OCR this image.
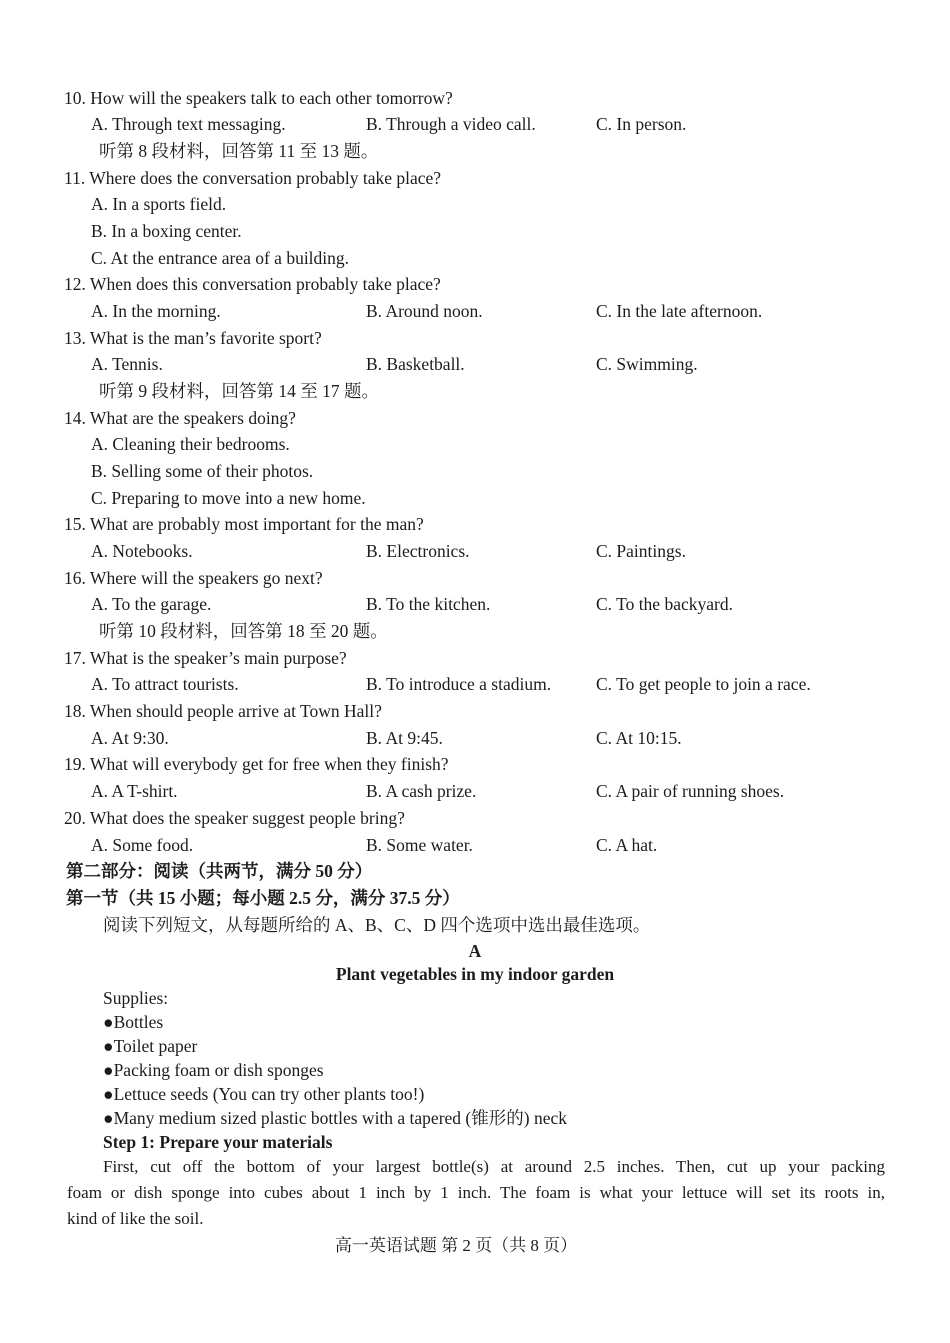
10. How will the speakers talk to each other tomorrow?
A. Through text messaging.	B. Through a video call.	C. In person.
听第 8 段材料，回答第 11 至 13 题。
11. Where does the conversation probably take place?
A. In a sports field.
B. In a boxing center.
C. At the entrance area of a building.
12. When does this conversation probably take place?
A. In the morning.	B. Around noon.	C. In the late afternoon.
13. What is the man’s favorite sport?
A. Tennis.	B. Basketball.	C. Swimming.
听第 9 段材料，回答第 14 至 17 题。
14. What are the speakers doing?
A. Cleaning their bedrooms.
B. Selling some of their photos.
C. Preparing to move into a new home.
15. What are probably most important for the man?
A. Notebooks.	B. Electronics.	C. Paintings.
16. Where will the speakers go next?
A. To the garage.	B. To the kitchen.	C. To the backyard.
听第 10 段材料，回答第 18 至 20 题。
17. What is the speaker’s main purpose?
A. To attract tourists.	B. To introduce a stadium.	C. To get people to join a race.
18. When should people arrive at Town Hall?
A. At 9:30.	B. At 9:45.	C. At 10:15.
19. What will everybody get for free when they finish?
A. A T-shirt.	B. A cash prize.	C. A pair of running shoes.
20. What does the speaker suggest people bring?
A. Some food.	B. Some water.	C. A hat.
第二部分：阅读（共两节，满分 50 分）
第一节（共 15 小题；每小题 2.5 分，满分 37.5 分）
阅读下列短文，从每题所给的 A、B、C、D 四个选项中选出最佳选项。
A
Plant vegetables in my indoor garden
Supplies:
●Bottles
●Toilet paper
●Packing foam or dish sponges
●Lettuce seeds (You can try other plants too!)
●Many medium sized plastic bottles with a tapered (锥形的) neck
Step 1: Prepare your materials
First, cut off the bottom of your largest bottle(s) at around 2.5 inches. Then, cut up your packing
foam or dish sponge into cubes about 1 inch by 1 inch. The foam is what your lettuce will set its roots in,
kind of like the soil.
高一英语试题 第 2 页（共 8 页）
